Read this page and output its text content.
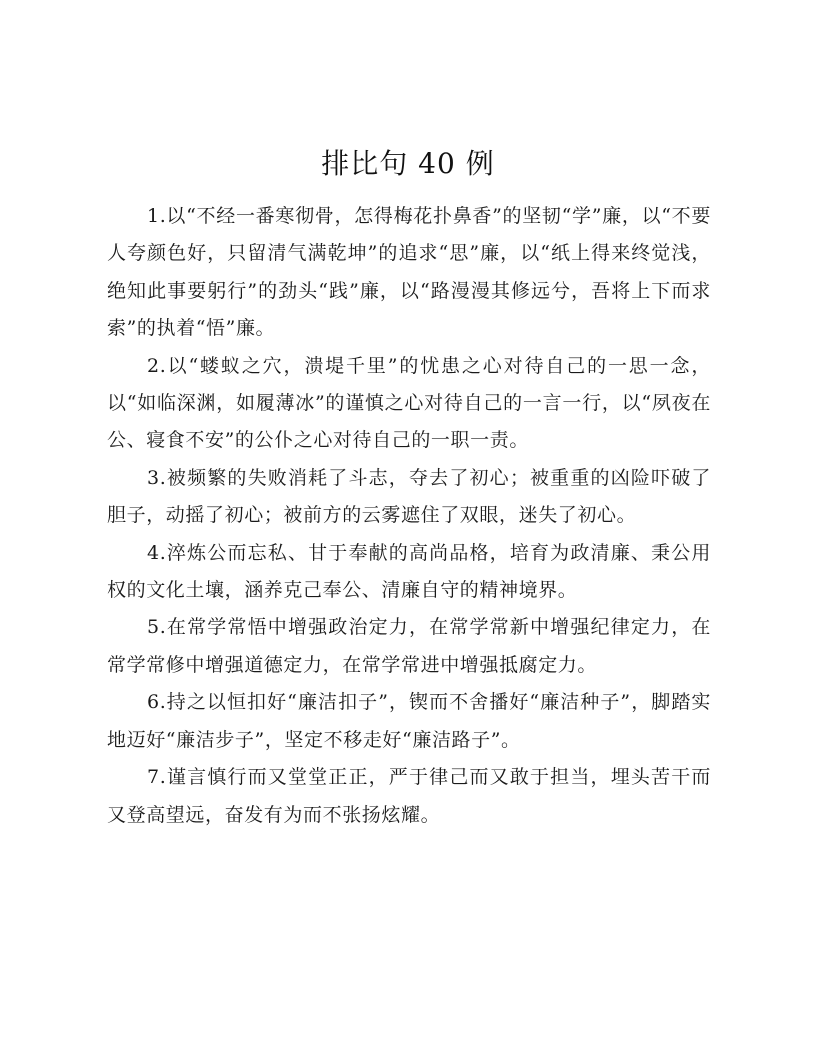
排比句 40 例

1.以“不经一番寒彻骨，怎得梅花扑鼻香”的坚韧“学”廉，以“不要人夸颜色好，只留清气满乾坤”的追求“思”廉，以“纸上得来终觉浅，绝知此事要躬行”的劲头“践”廉，以“路漫漫其修远兮，吾将上下而求索”的执着“悟”廉。

2.以“蝼蚁之穴，溃堤千里”的忧患之心对待自己的一思一念，以“如临深渊，如履薄冰”的谨慎之心对待自己的一言一行，以“夙夜在公、寝食不安”的公仆之心对待自己的一职一责。

3.被频繁的失败消耗了斗志，夺去了初心；被重重的凶险吓破了胆子，动摇了初心；被前方的云雾遮住了双眼，迷失了初心。

4.淬炼公而忘私、甘于奉献的高尚品格，培育为政清廉、秉公用权的文化土壤，涵养克己奉公、清廉自守的精神境界。

5.在常学常悟中增强政治定力，在常学常新中增强纪律定力，在常学常修中增强道德定力，在常学常进中增强抵腐定力。

6.持之以恒扣好“廉洁扣子”，锲而不舍播好“廉洁种子”，脚踏实地迈好“廉洁步子”，坚定不移走好“廉洁路子”。

7.谨言慎行而又堂堂正正，严于律己而又敢于担当，埋头苦干而又登高望远，奋发有为而不张扬炫耀。
